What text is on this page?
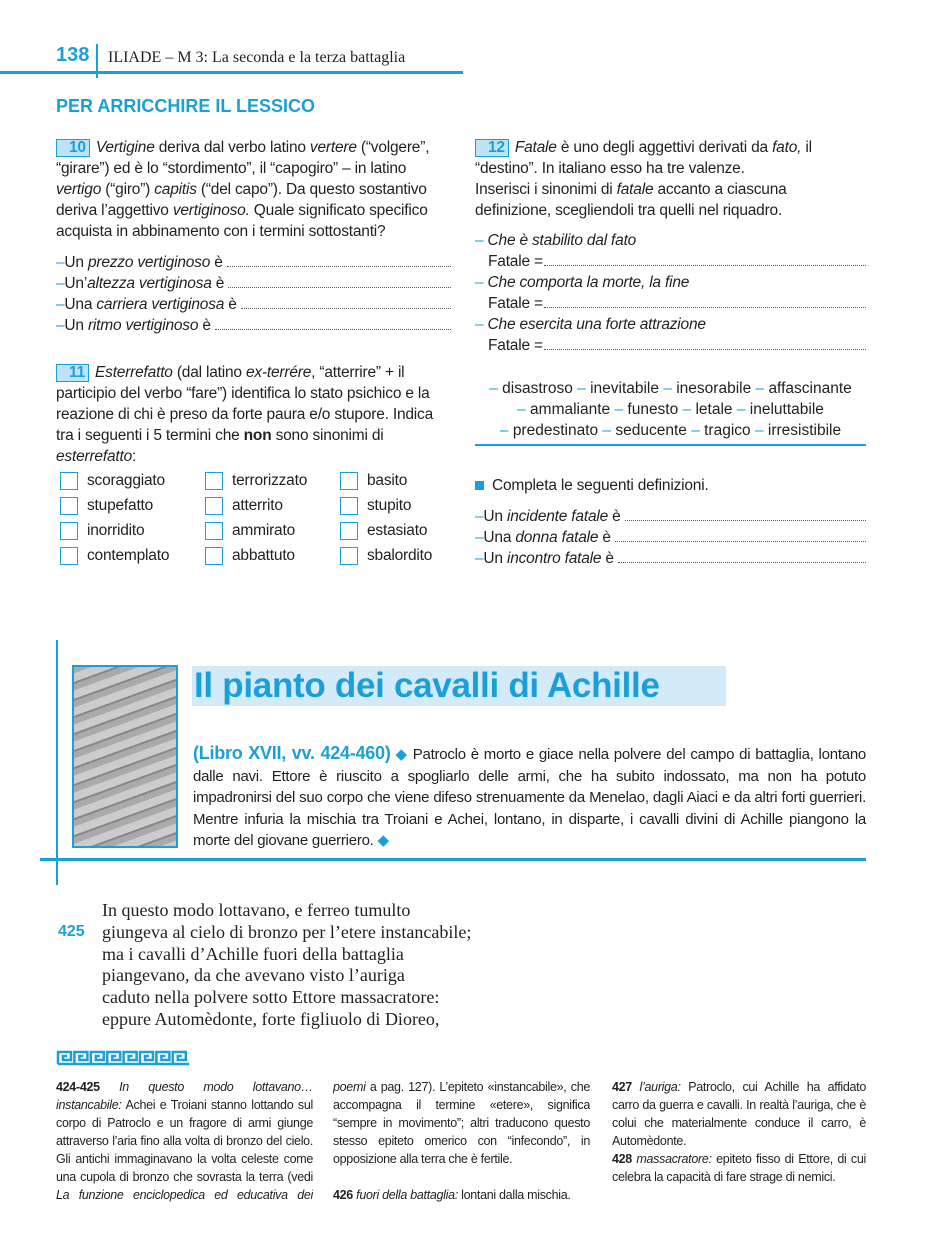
138 ILIADE – M 3: La seconda e la terza battaglia
PER ARRICCHIRE IL LESSICO

10 Vertigine deriva dal verbo latino vertere (“volgere”, “girare”) ed è lo “stordimento”, il “capogiro” – in latino vertigo (“giro”) capitis (“del capo”). Da questo sostantivo deriva l’aggettivo vertiginoso. Quale significato specifico acquista in abbinamento con i termini sottostanti?

– Un prezzo vertiginoso è
– Un’altezza vertiginosa è
– Una carriera vertiginosa è
– Un ritmo vertiginoso è

11 Esterrefatto (dal latino ex-terrére, “atterrire” + il participio del verbo “fare”) identifica lo stato psichico e la reazione di chi è preso da forte paura e/o stupore. Indica tra i seguenti i 5 termini che non sono sinonimi di esterrefatto:

scoraggiato	terrorizzato	basito
stupefatto	atterrito	stupito
inorridito	ammirato	estasiato
contemplato	abbattuto	sbalordito

12 Fatale è uno degli aggettivi derivati da fato, il “destino”. In italiano esso ha tre valenze.

Inserisci i sinonimi di fatale accanto a ciascuna definizione, scegliendoli tra quelli nel riquadro.

– Che è stabilito dal fato
Fatale =
– Che comporta la morte, la fine
Fatale =
– Che esercita una forte attrazione
Fatale =
– disastroso – inevitabile – inesorabile – affascinante
– ammaliante – funesto – letale – ineluttabile
– predestinato – seducente – tragico – irresistibile

Completa le seguenti definizioni.

– Un incidente fatale è
– Una donna fatale è
– Un incontro fatale è
Il pianto dei cavalli di Achille
(Libro XVII, vv. 424-460) ◆ Patroclo è morto e giace nella polvere del campo di battaglia, lontano dalle navi. Ettore è riuscito a spogliarlo delle armi, che ha subito indossato, ma non ha potuto impadronirsi del suo corpo che viene difeso strenuamente da Menelao, dagli Aiaci e da altri forti guerrieri. Mentre infuria la mischia tra Troiani e Achei, lontano, in disparte, i cavalli divini di Achille piangono la morte del giovane guerriero. ◆
425
In questo modo lottavano, e ferreo tumulto
giungeva al cielo di bronzo per l’etere instancabile;
ma i cavalli d’Achille fuori della battaglia
piangevano, da che avevano visto l’auriga
caduto nella polvere sotto Ettore massacratore:
eppure Automèdonte, forte figliuolo di Dioreo,
424-425 In questo modo lottavano… instancabile: Achei e Troiani stanno lottando sul corpo di Patroclo e un fragore di armi giunge attraverso l’aria fino alla volta di bronzo del cielo. Gli antichi immaginavano la volta celeste come una cupola di bronzo che sovrasta la terra (vedi La funzione enciclopedica ed educativa dei

427 l’auriga: Patroclo, cui Achille ha affidato carro da guerra e cavalli. In realtà l’auriga, che è colui che materialmente conduce il carro, è Automèdonte.

428 massacratore: epiteto fisso di Ettore, di cui celebra la capacità di fare strage di nemici.

poemi a pag. 127). L’epiteto «instancabile», che accompagna il termine «etere», significa “sempre in movimento”; altri traducono questo stesso epiteto omerico con “infecondo”, in opposizione alla terra che è fertile.

426 fuori della battaglia: lontani dalla mischia.
